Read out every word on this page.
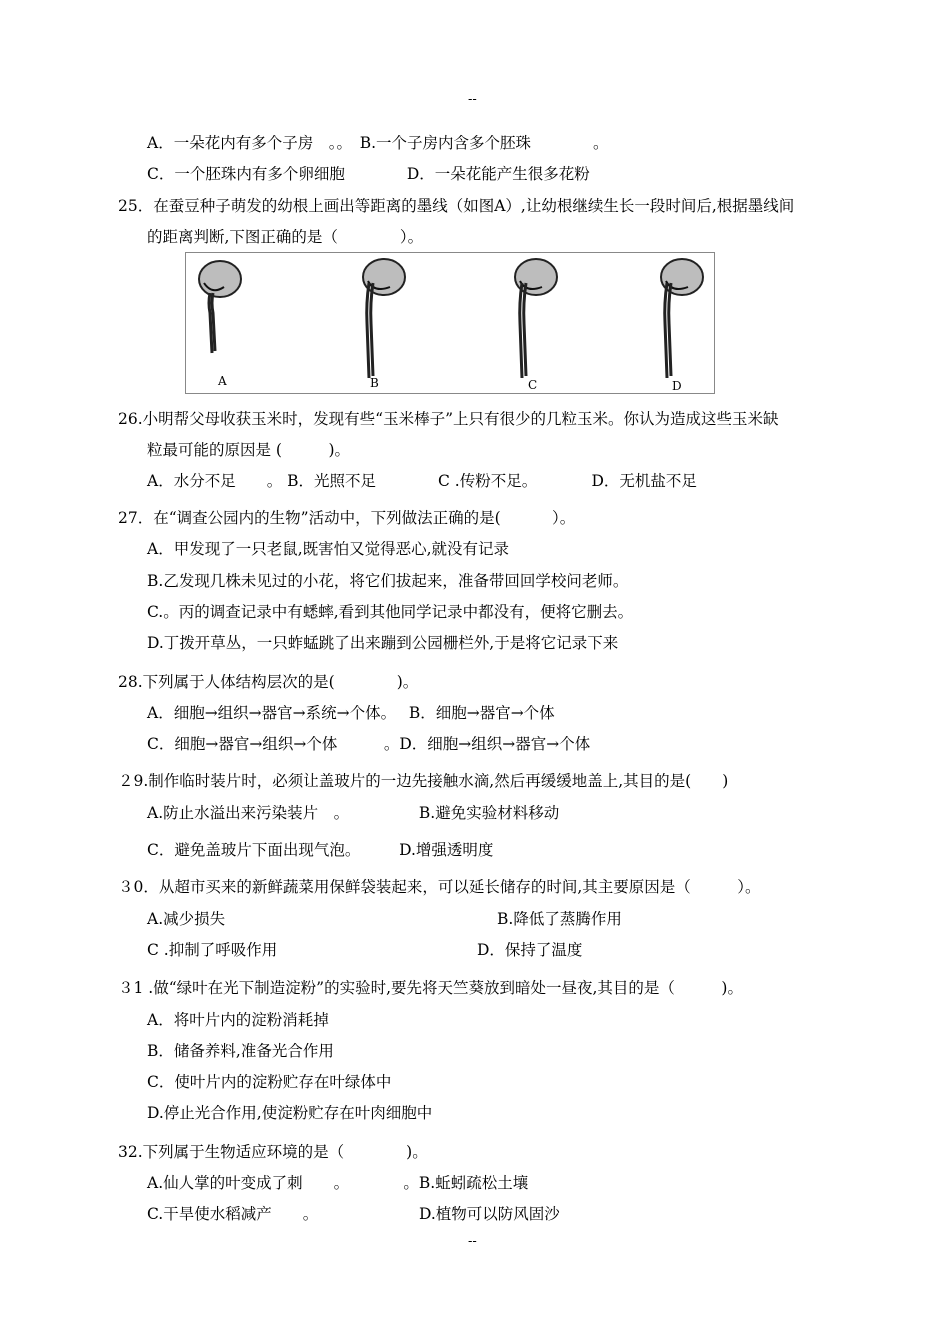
--
A．一朵花内有多个子房　。。　B.一个子房内含多个胚珠　　　　。
C．一个胚珠内有多个卵细胞　　　　D．一朵花能产生很多花粉
25．在蚕豆种子萌发的幼根上画出等距离的墨线（如图A）,让幼根继续生长一段时间后,根据墨线间
的距离判断,下图正确的是（　　　　）。
A	B	C	D
26.小明帮父母收获玉米时，发现有些“玉米棒子”上只有很少的几粒玉米。你认为造成这些玉米缺
粒最可能的原因是 (　　　)。
A．水分不足　　。 B．光照不足　　　　C .传粉不足。　　　　D．无机盐不足
27．在“调查公园内的生物”活动中，下列做法正确的是(　　　 ）。
A．甲发现了一只老鼠,既害怕又觉得恶心,就没有记录
B.乙发现几株未见过的小花，将它们拔起来，准备带回回学校问老师。
C.。丙的调查记录中有蟋蟀,看到其他同学记录中都没有，便将它删去。
D.丁拨开草丛，一只蚱蜢跳了出来蹦到公园栅栏外,于是将它记录下来
28.下列属于人体结构层次的是(　　　　)。
A．细胞→组织→器官→系统→个体。　 B．细胞→器官→个体
C．细胞→器官→组织→个体　　　。D．细胞→组织→器官→个体
２9.制作临时装片时，必须让盖玻片的一边先接触水滴,然后再缓缓地盖上,其目的是(　　)
A.防止水溢出来污染装片　。　　　　　B.避免实验材料移动
C．避免盖玻片下面出现气泡。　　　D.增强透明度
３0．从超市买来的新鲜蔬菜用保鲜袋装起来，可以延长储存的时间,其主要原因是（　　　）。
A.减少损失	B.降低了蒸腾作用
C .抑制了呼吸作用	D．保持了温度
３1 .做“绿叶在光下制造淀粉”的实验时,要先将天竺葵放到暗处一昼夜,其目的是（　　　)。
A．将叶片内的淀粉消耗掉
B．储备养料,准备光合作用
C．使叶片内的淀粉贮存在叶绿体中
D.停止光合作用,使淀粉贮存在叶肉细胞中
32.下列属于生物适应环境的是（　　　　)。
A.仙人掌的叶变成了刺　　。　　　　。B.蚯蚓疏松土壤
C.干旱使水稻减产　　。　　　　　　　D.植物可以防风固沙
--
